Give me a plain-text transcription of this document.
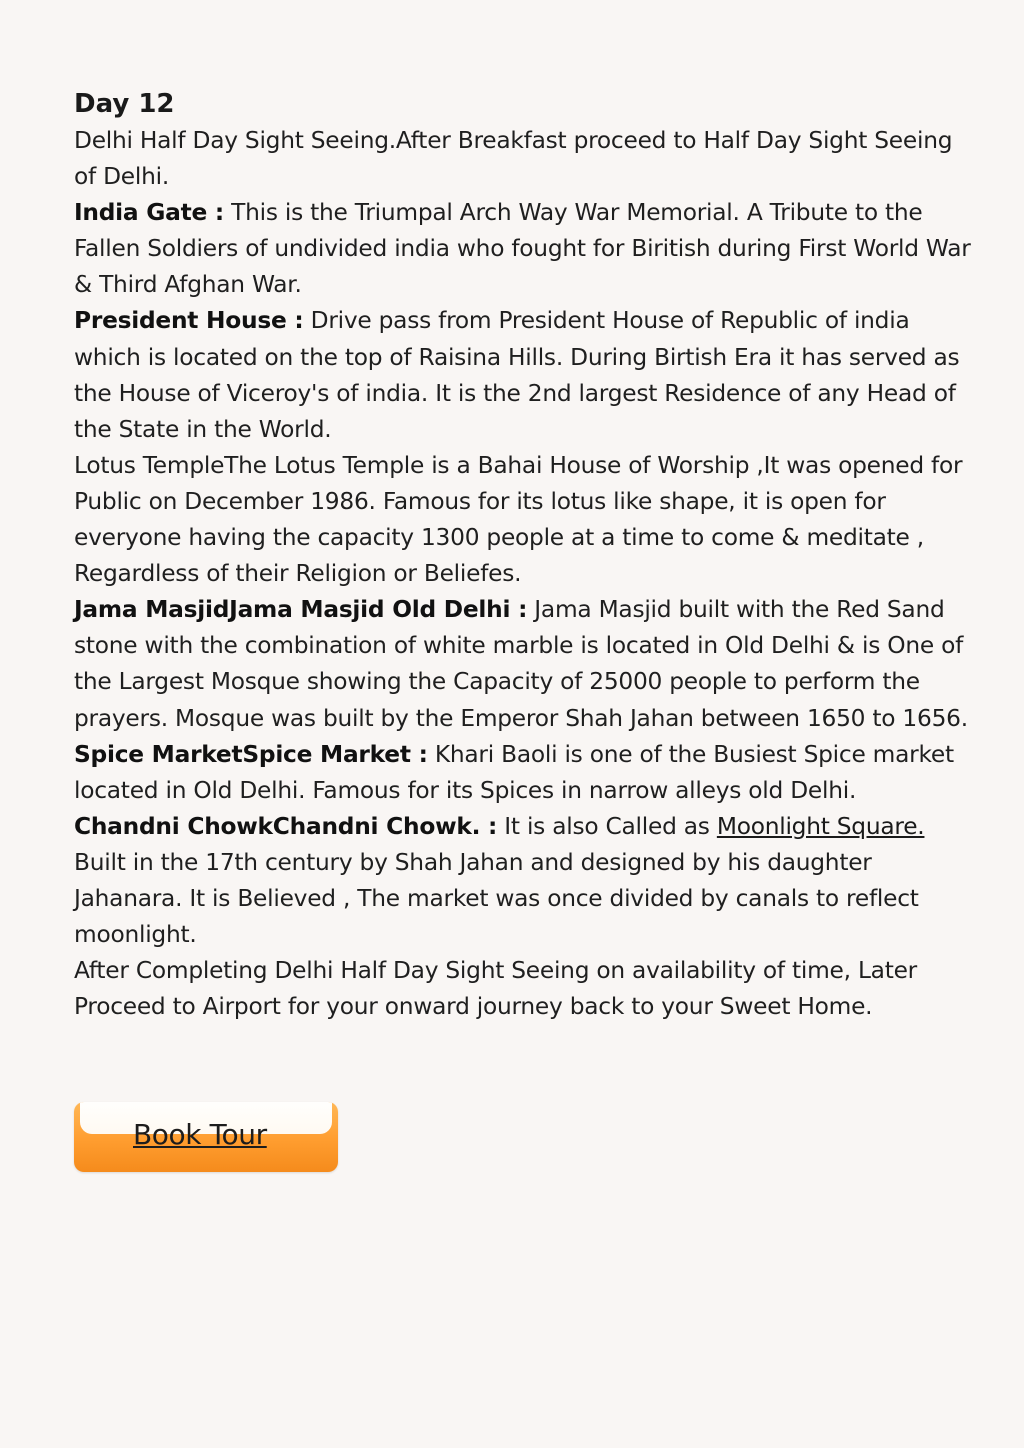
Day 12

Delhi Half Day Sight Seeing.After Breakfast proceed to Half Day Sight Seeing of Delhi.

India Gate : This is the Triumpal Arch Way War Memorial. A Tribute to the Fallen Soldiers of undivided india who fought for Biritish during First World War & Third Afghan War.

President House : Drive pass from President House of Republic of india which is located on the top of Raisina Hills. During Birtish Era it has served as the House of Viceroy's of india. It is the 2nd largest Residence of any Head of the State in the World.

Lotus TempleThe Lotus Temple is a Bahai House of Worship ,It was opened for Public on December 1986. Famous for its lotus like shape, it is open for everyone having the capacity 1300 people at a time to come & meditate , Regardless of their Religion or Beliefes.

Jama MasjidJama Masjid Old Delhi : Jama Masjid built with the Red Sand stone with the combination of white marble is located in Old Delhi & is One of the Largest Mosque showing the Capacity of 25000 people to perform the prayers. Mosque was built by the Emperor Shah Jahan between 1650 to 1656.

Spice MarketSpice Market : Khari Baoli is one of the Busiest Spice market located in Old Delhi. Famous for its Spices in narrow alleys old Delhi.

Chandni ChowkChandni Chowk. : It is also Called as Moonlight Square. Built in the 17th century by Shah Jahan and designed by his daughter Jahanara. It is Believed , The market was once divided by canals to reflect moonlight.

After Completing Delhi Half Day Sight Seeing on availability of time, Later Proceed to Airport for your onward journey back to your Sweet Home.

Book Tour
